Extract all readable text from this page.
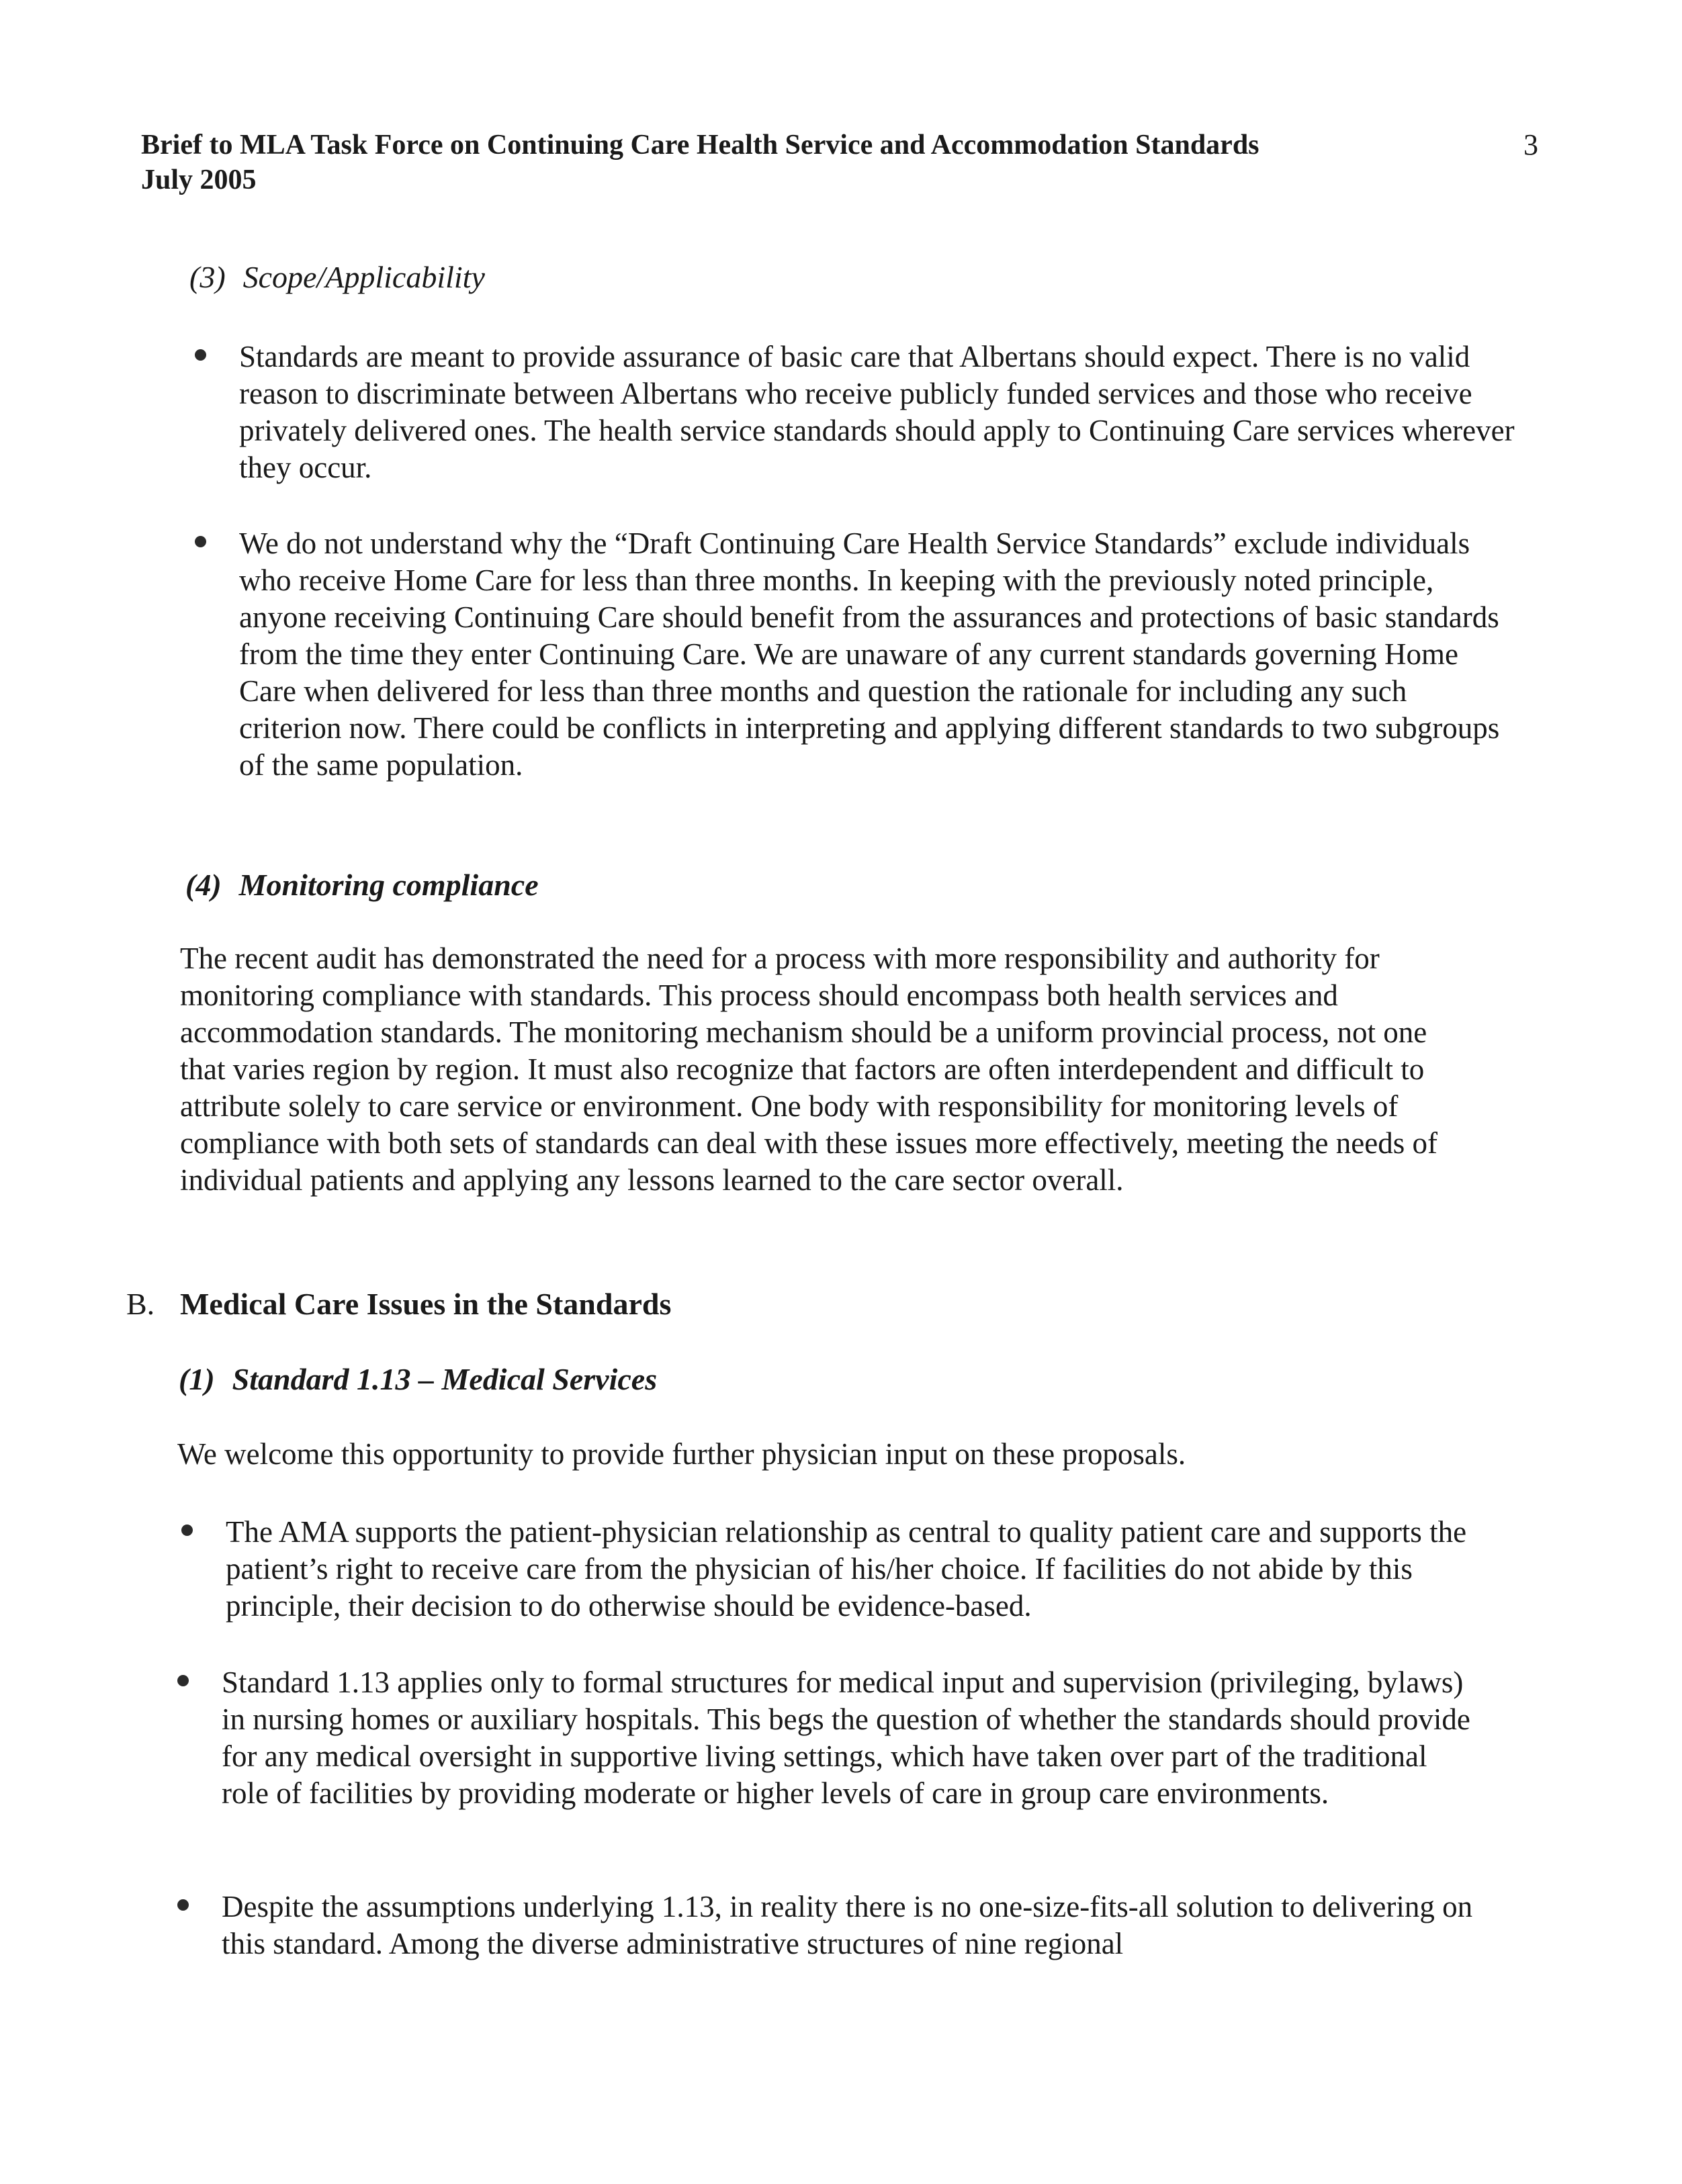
Brief to MLA Task Force on Continuing Care Health Service and Accommodation Standards
July 2005
3
(3) Scope/Applicability
Standards are meant to provide assurance of basic care that Albertans should expect. There is no valid reason to discriminate between Albertans who receive publicly funded services and those who receive privately delivered ones. The health service standards should apply to Continuing Care services wherever they occur.
We do not understand why the “Draft Continuing Care Health Service Standards” exclude individuals who receive Home Care for less than three months. In keeping with the previously noted principle, anyone receiving Continuing Care should benefit from the assurances and protections of basic standards from the time they enter Continuing Care. We are unaware of any current standards governing Home Care when delivered for less than three months and question the rationale for including any such criterion now. There could be conflicts in interpreting and applying different standards to two subgroups of the same population.
(4) Monitoring compliance

The recent audit has demonstrated the need for a process with more responsibility and authority for monitoring compliance with standards. This process should encompass both health services and accommodation standards. The monitoring mechanism should be a uniform provincial process, not one that varies region by region. It must also recognize that factors are often interdependent and difficult to attribute solely to care service or environment. One body with responsibility for monitoring levels of compliance with both sets of standards can deal with these issues more effectively, meeting the needs of individual patients and applying any lessons learned to the care sector overall.

B. Medical Care Issues in the Standards
(1) Standard 1.13 – Medical Services

We welcome this opportunity to provide further physician input on these proposals.

The AMA supports the patient-physician relationship as central to quality patient care and supports the patient’s right to receive care from the physician of his/her choice. If facilities do not abide by this principle, their decision to do otherwise should be evidence-based.
Standard 1.13 applies only to formal structures for medical input and supervision (privileging, bylaws) in nursing homes or auxiliary hospitals. This begs the question of whether the standards should provide for any medical oversight in supportive living settings, which have taken over part of the traditional role of facilities by providing moderate or higher levels of care in group care environments.
Despite the assumptions underlying 1.13, in reality there is no one-size-fits-all solution to delivering on this standard. Among the diverse administrative structures of nine regional
